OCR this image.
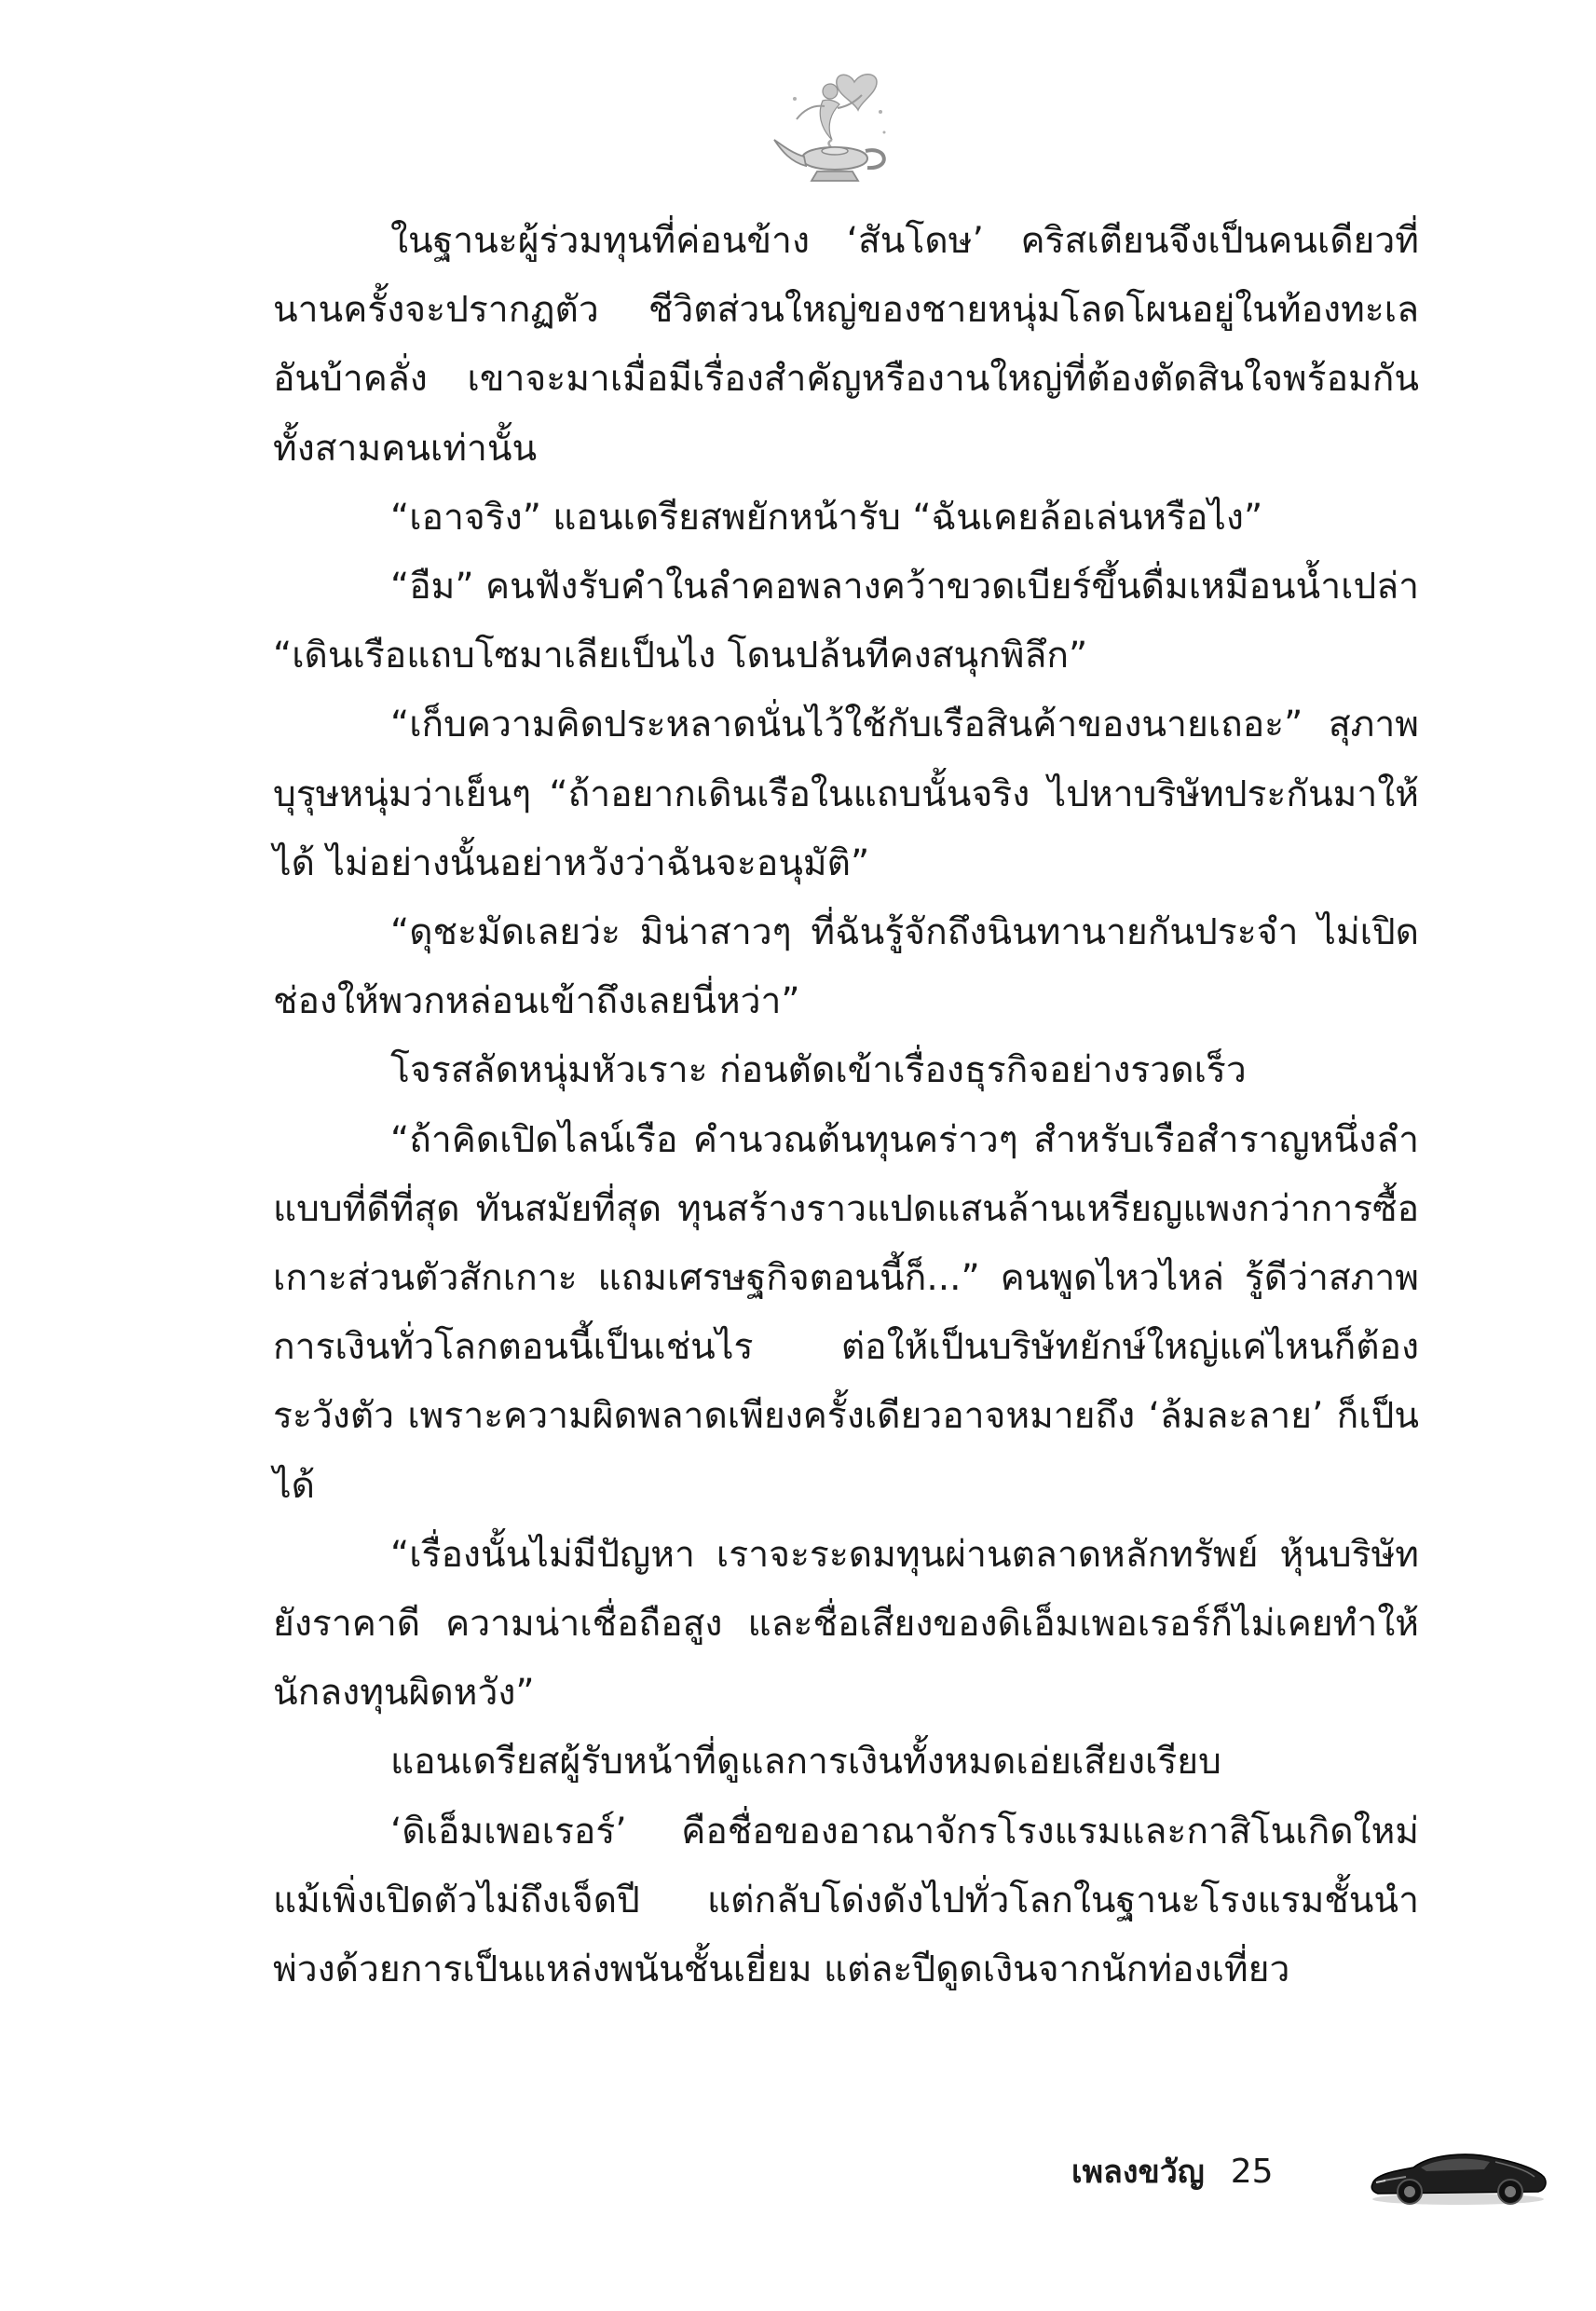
ในฐานะผู้ร่วมทุนที่ค่อนข้าง ‘สันโดษ’ คริสเตียนจึงเป็นคนเดียวที่นานครั้งจะปรากฏตัว ชีวิตส่วนใหญ่ของชายหนุ่มโลดโผนอยู่ในท้องทะเลอันบ้าคลั่ง เขาจะมาเมื่อมีเรื่องสำคัญหรืองานใหญ่ที่ต้องตัดสินใจพร้อมกันทั้งสามคนเท่านั้น

“เอาจริง” แอนเดรียสพยักหน้ารับ “ฉันเคยล้อเล่นหรือไง”

“อืม” คนฟังรับคำในลำคอพลางคว้าขวดเบียร์ขึ้นดื่มเหมือนน้ำเปล่า “เดินเรือแถบโซมาเลียเป็นไง โดนปล้นทีคงสนุกพิลึก”

“เก็บความคิดประหลาดนั่นไว้ใช้กับเรือสินค้าของนายเถอะ” สุภาพบุรุษหนุ่มว่าเย็นๆ “ถ้าอยากเดินเรือในแถบนั้นจริง ไปหาบริษัทประกันมาให้ได้ ไม่อย่างนั้นอย่าหวังว่าฉันจะอนุมัติ”

“ดุชะมัดเลยว่ะ มิน่าสาวๆ ที่ฉันรู้จักถึงนินทานายกันประจำ ไม่เปิดช่องให้พวกหล่อนเข้าถึงเลยนี่หว่า”

โจรสลัดหนุ่มหัวเราะ ก่อนตัดเข้าเรื่องธุรกิจอย่างรวดเร็ว

“ถ้าคิดเปิดไลน์เรือ คำนวณต้นทุนคร่าวๆ สำหรับเรือสำราญหนึ่งลำ แบบที่ดีที่สุด ทันสมัยที่สุด ทุนสร้างราวแปดแสนล้านเหรียญแพงกว่าการซื้อเกาะส่วนตัวสักเกาะ แถมเศรษฐกิจตอนนี้ก็...” คนพูดไหวไหล่ รู้ดีว่าสภาพการเงินทั่วโลกตอนนี้เป็นเช่นไร ต่อให้เป็นบริษัทยักษ์ใหญ่แค่ไหนก็ต้องระวังตัว เพราะความผิดพลาดเพียงครั้งเดียวอาจหมายถึง ‘ล้มละลาย’ ก็เป็นได้

“เรื่องนั้นไม่มีปัญหา เราจะระดมทุนผ่านตลาดหลักทรัพย์ หุ้นบริษัทยังราคาดี ความน่าเชื่อถือสูง และชื่อเสียงของดิเอ็มเพอเรอร์ก็ไม่เคยทำให้นักลงทุนผิดหวัง”

แอนเดรียสผู้รับหน้าที่ดูแลการเงินทั้งหมดเอ่ยเสียงเรียบ

‘ดิเอ็มเพอเรอร์’ คือชื่อของอาณาจักรโรงแรมและกาสิโนเกิดใหม่ แม้เพิ่งเปิดตัวไม่ถึงเจ็ดปี แต่กลับโด่งดังไปทั่วโลกในฐานะโรงแรมชั้นนำพ่วงด้วยการเป็นแหล่งพนันชั้นเยี่ยม แต่ละปีดูดเงินจากนักท่องเที่ยว

เพลงขวัญ 25
